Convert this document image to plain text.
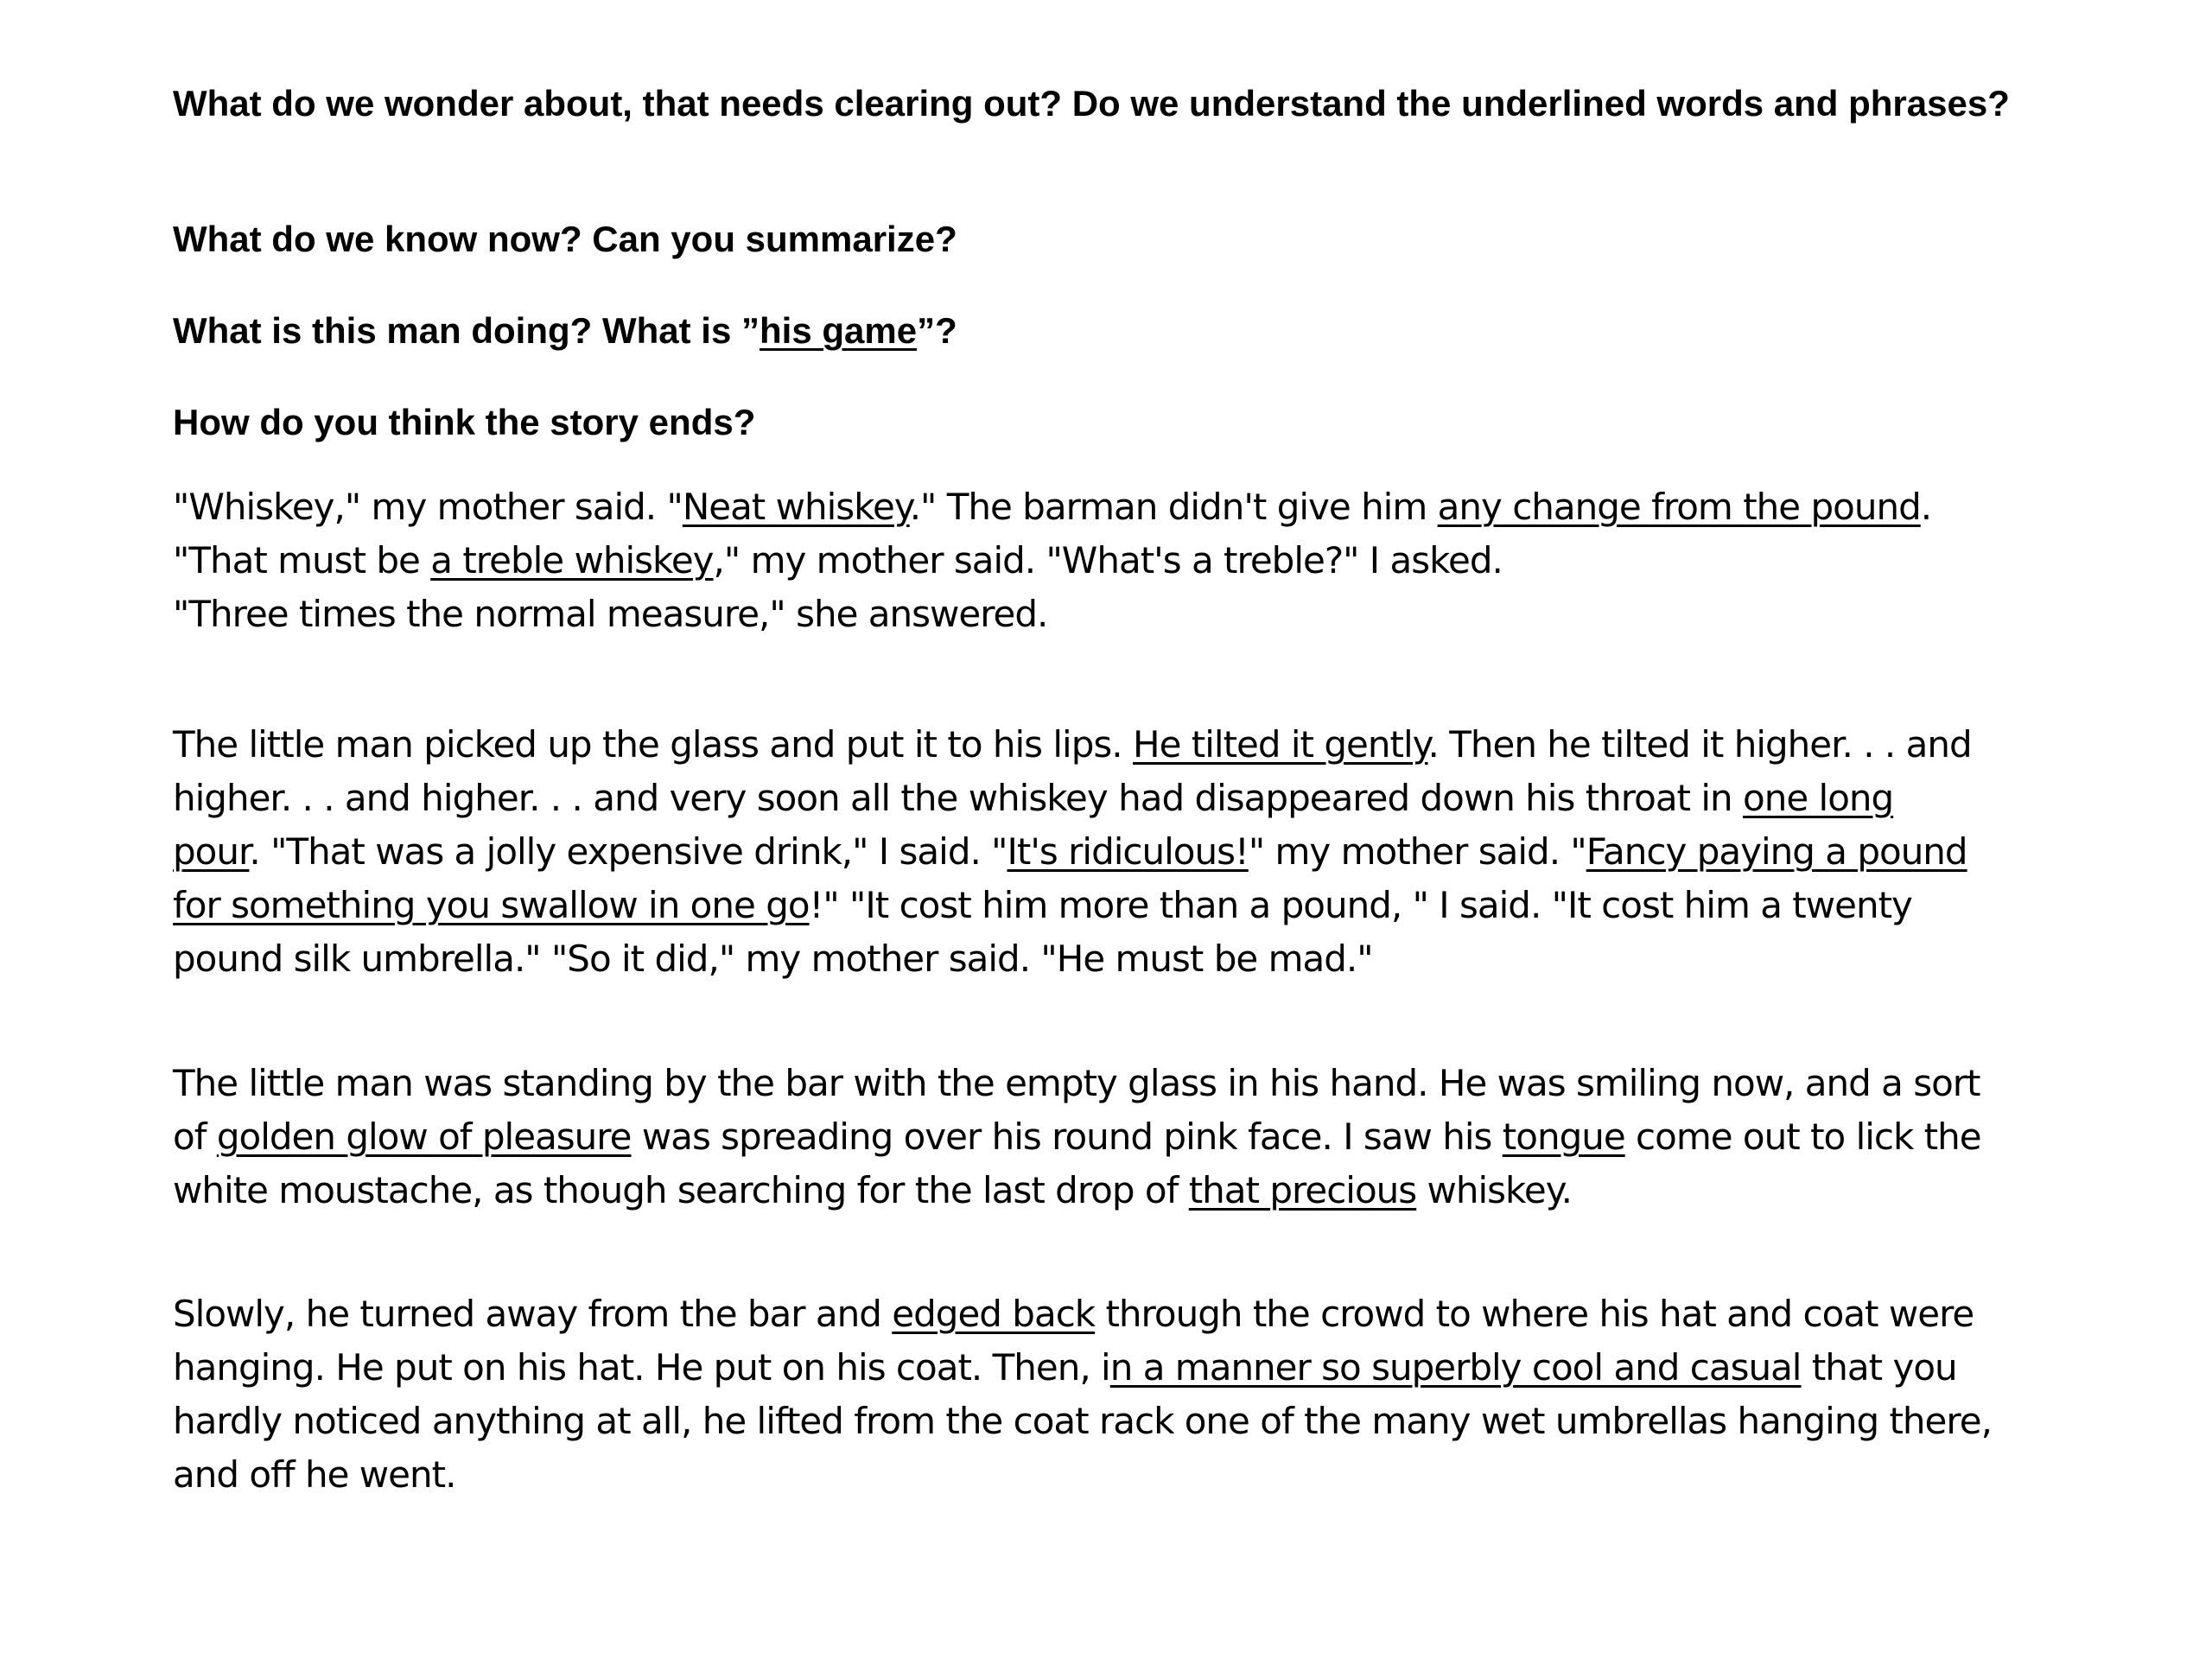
What do we wonder about, that needs clearing out? Do we understand the underlined words and phrases?

What do we know now? Can you summarize?

What is this man doing? What is ”his game”?

How do you think the story ends?

"Whiskey," my mother said. "Neat whiskey." The barman didn't give him any change from the pound.
"That must be a treble whiskey," my mother said. "What's a treble?" I asked.
"Three times the normal measure," she answered.
The little man picked up the glass and put it to his lips. He tilted it gently. Then he tilted it higher. . . and
higher. . . and higher. . . and very soon all the whiskey had disappeared down his throat in one long
pour. "That was a jolly expensive drink," I said. "It's ridiculous!" my mother said. "Fancy paying a pound
for something you swallow in one go!" "It cost him more than a pound, " I said. "It cost him a twenty
pound silk umbrella." "So it did," my mother said. "He must be mad."
The little man was standing by the bar with the empty glass in his hand. He was smiling now, and a sort
of golden glow of pleasure was spreading over his round pink face. I saw his tongue come out to lick the
white moustache, as though searching for the last drop of that precious whiskey.
Slowly, he turned away from the bar and edged back through the crowd to where his hat and coat were
hanging. He put on his hat. He put on his coat. Then, in a manner so superbly cool and casual that you
hardly noticed anything at all, he lifted from the coat rack one of the many wet umbrellas hanging there,
and off he went.
